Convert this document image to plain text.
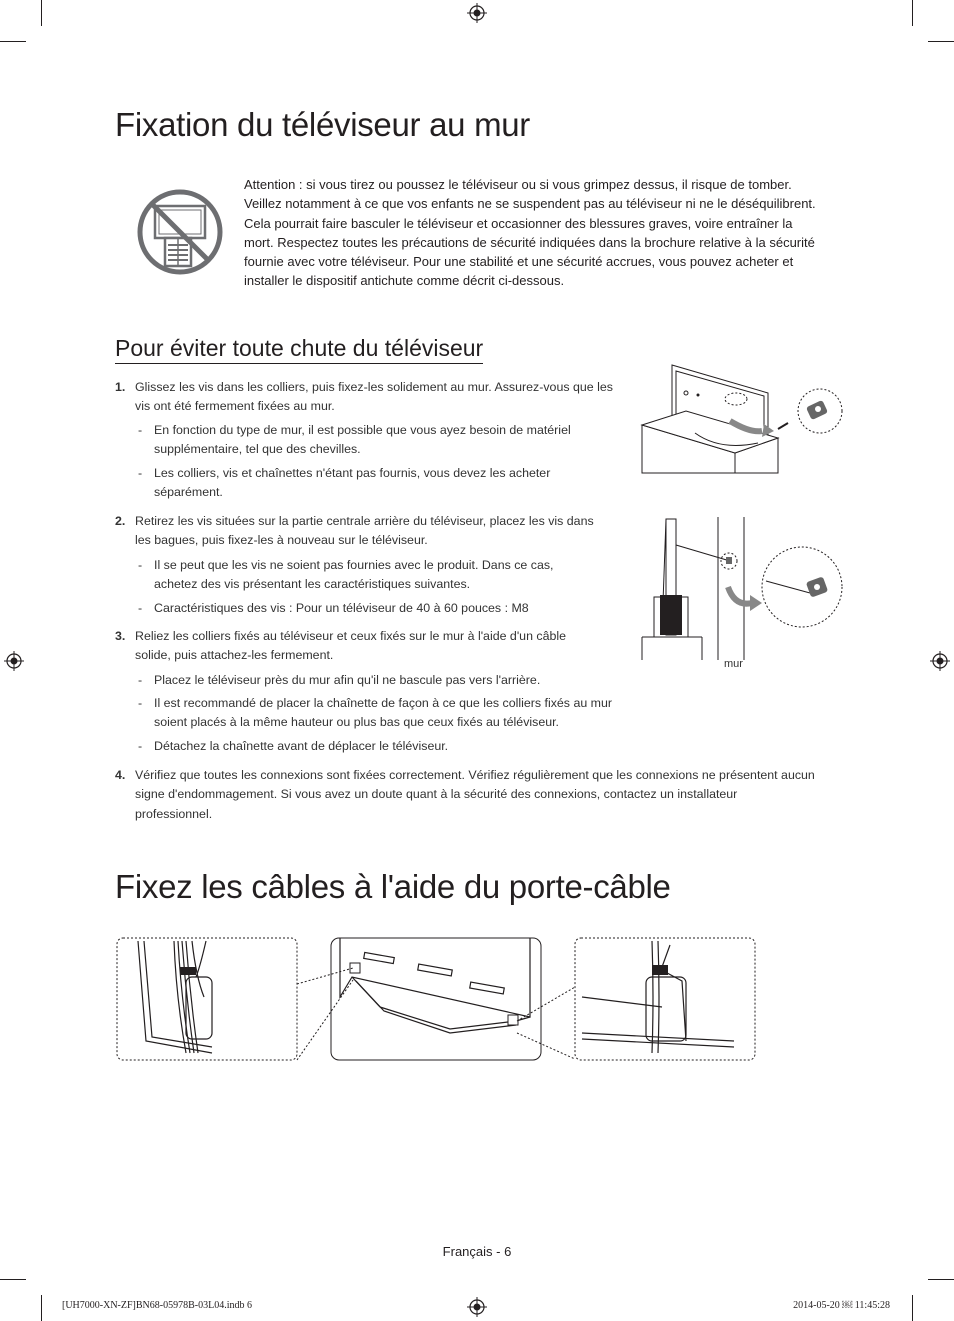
Fixation du téléviseur au mur
Attention : si vous tirez ou poussez le téléviseur ou si vous grimpez dessus, il risque de tomber. Veillez notamment à ce que vos enfants ne se suspendent pas au téléviseur ni ne le déséquilibrent. Cela pourrait faire basculer le téléviseur et occasionner des blessures graves, voire entraîner la mort. Respectez toutes les précautions de sécurité indiquées dans la brochure relative à la sécurité fournie avec votre téléviseur. Pour une stabilité et une sécurité accrues, vous pouvez acheter et installer le dispositif antichute comme décrit ci-dessous.
Pour éviter toute chute du téléviseur
1. Glissez les vis dans les colliers, puis fixez-les solidement au mur. Assurez-vous que les vis ont été fermement fixées au mur.
- En fonction du type de mur, il est possible que vous ayez besoin de matériel supplémentaire, tel que des chevilles.
- Les colliers, vis et chaînettes n'étant pas fournis, vous devez les acheter séparément.
2. Retirez les vis situées sur la partie centrale arrière du téléviseur, placez les vis dans les bagues, puis fixez-les à nouveau sur le téléviseur.
- Il se peut que les vis ne soient pas fournies avec le produit. Dans ce cas, achetez des vis présentant les caractéristiques suivantes.
- Caractéristiques des vis : Pour un téléviseur de 40 à 60 pouces : M8
3. Reliez les colliers fixés au téléviseur et ceux fixés sur le mur à l'aide d'un câble solide, puis attachez-les fermement.
- Placez le téléviseur près du mur afin qu'il ne bascule pas vers l'arrière.
- Il est recommandé de placer la chaînette de façon à ce que les colliers fixés au mur soient placés à la même hauteur ou plus bas que ceux fixés au téléviseur.
- Détachez la chaînette avant de déplacer le téléviseur.
4. Vérifiez que toutes les connexions sont fixées correctement. Vérifiez régulièrement que les connexions ne présentent aucun signe d'endommagement. Si vous avez un doute quant à la sécurité des connexions, contactez un installateur professionnel.
mur
Fixez les câbles à l'aide du porte-câble
Français - 6
[UH7000-XN-ZF]BN68-05978B-03L04.indb 6	2014-05-20 ￼ 11:45:28
